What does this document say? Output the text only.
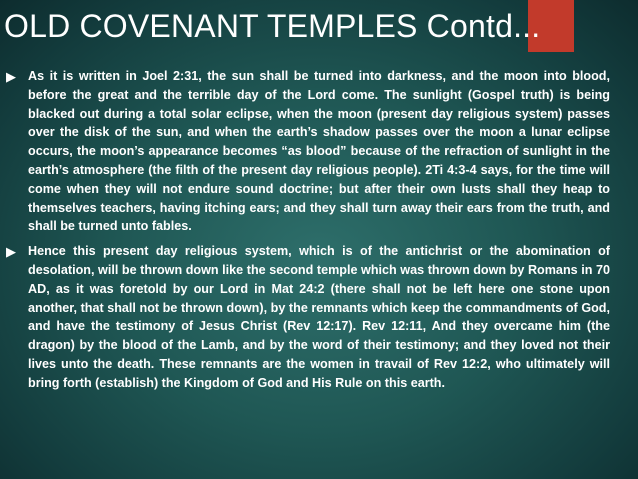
OLD COVENANT TEMPLES Contd...
▶ As it is written in Joel 2:31, the sun shall be turned into darkness, and the moon into blood, before the great and the terrible day of the Lord come. The sunlight (Gospel truth) is being blacked out during a total solar eclipse, when the moon (present day religious system) passes over the disk of the sun, and when the earth’s shadow passes over the moon a lunar eclipse occurs, the moon’s appearance becomes “as blood” because of the refraction of sunlight in the earth’s atmosphere (the filth of the present day religious people). 2Ti 4:3-4 says, for the time will come when they will not endure sound doctrine; but after their own lusts shall they heap to themselves teachers, having itching ears; and they shall turn away their ears from the truth, and shall be turned unto fables.

▶ Hence this present day religious system, which is of the antichrist or the abomination of desolation, will be thrown down like the second temple which was thrown down by Romans in 70 AD, as it was foretold by our Lord in Mat 24:2 (there shall not be left here one stone upon another, that shall not be thrown down), by the remnants which keep the commandments of God, and have the testimony of Jesus Christ (Rev 12:17). Rev 12:11, And they overcame him (the dragon) by the blood of the Lamb, and by the word of their testimony; and they loved not their lives unto the death. These remnants are the women in travail of Rev 12:2, who ultimately will bring forth (establish) the Kingdom of God and His Rule on this earth.
